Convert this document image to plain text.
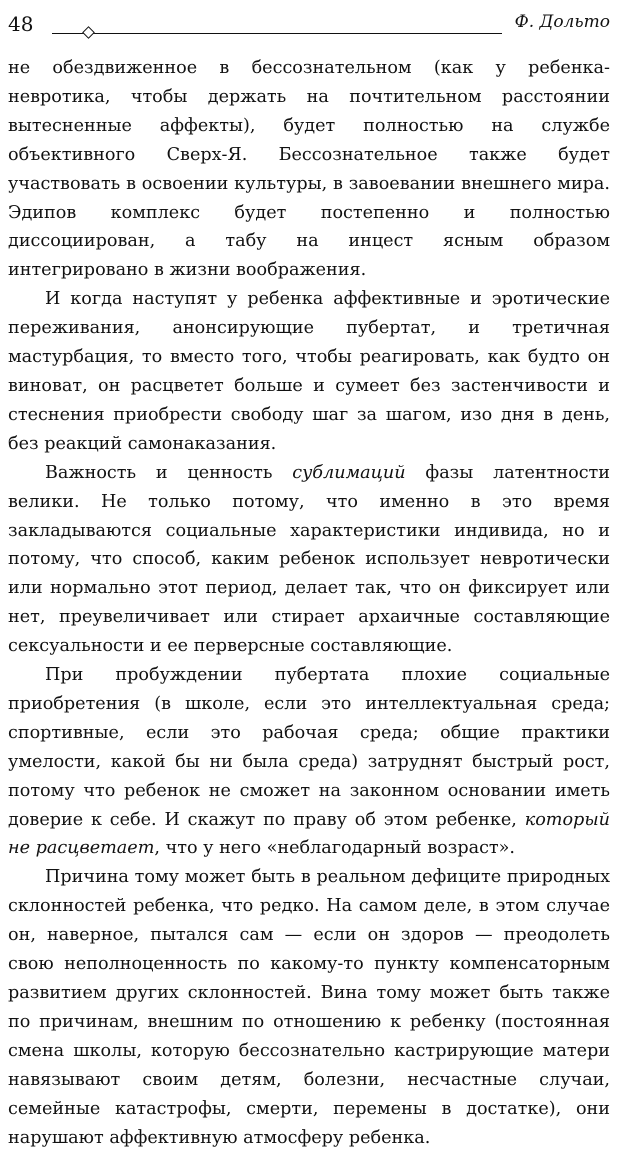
48	Ф. Дольто

не обездвиженное в бессознательном (как у ребенка-невротика, чтобы держать на почтительном расстоянии вытесненные аффекты), будет полностью на службе объективного Сверх-Я. Бессознательное также будет участвовать в освоении культуры, в завоевании внешнего мира. Эдипов комплекс будет постепенно и полностью диссоциирован, а табу на инцест ясным образом интегрировано в жизни воображения.

И когда наступят у ребенка аффективные и эротические переживания, анонсирующие пубертат, и третичная мастурбация, то вместо того, чтобы реагировать, как будто он виноват, он расцветет больше и сумеет без застенчивости и стеснения приобрести свободу шаг за шагом, изо дня в день, без реакций самонаказания.

Важность и ценность сублимаций фазы латентности велики. Не только потому, что именно в это время закладываются социальные характеристики индивида, но и потому, что способ, каким ребенок использует невротически или нормально этот период, делает так, что он фиксирует или нет, преувеличивает или стирает архаичные составляющие сексуальности и ее перверсные составляющие.

При пробуждении пубертата плохие социальные приобретения (в школе, если это интеллектуальная среда; спортивные, если это рабочая среда; общие практики умелости, какой бы ни была среда) затруднят быстрый рост, потому что ребенок не сможет на законном основании иметь доверие к себе. И скажут по праву об этом ребенке, который не расцветает, что у него «неблагодарный возраст».

Причина тому может быть в реальном дефиците природных склонностей ребенка, что редко. На самом деле, в этом случае он, наверное, пытался сам — если он здоров — преодолеть свою неполноценность по какому-то пункту компенсаторным развитием других склонностей. Вина тому может быть также по причинам, внешним по отношению к ребенку (постоянная смена школы, которую бессознательно кастрирующие матери навязывают своим детям, болезни, несчастные случаи, семейные катастрофы, смерти, перемены в достатке), они нарушают аффективную атмосферу ребенка.
